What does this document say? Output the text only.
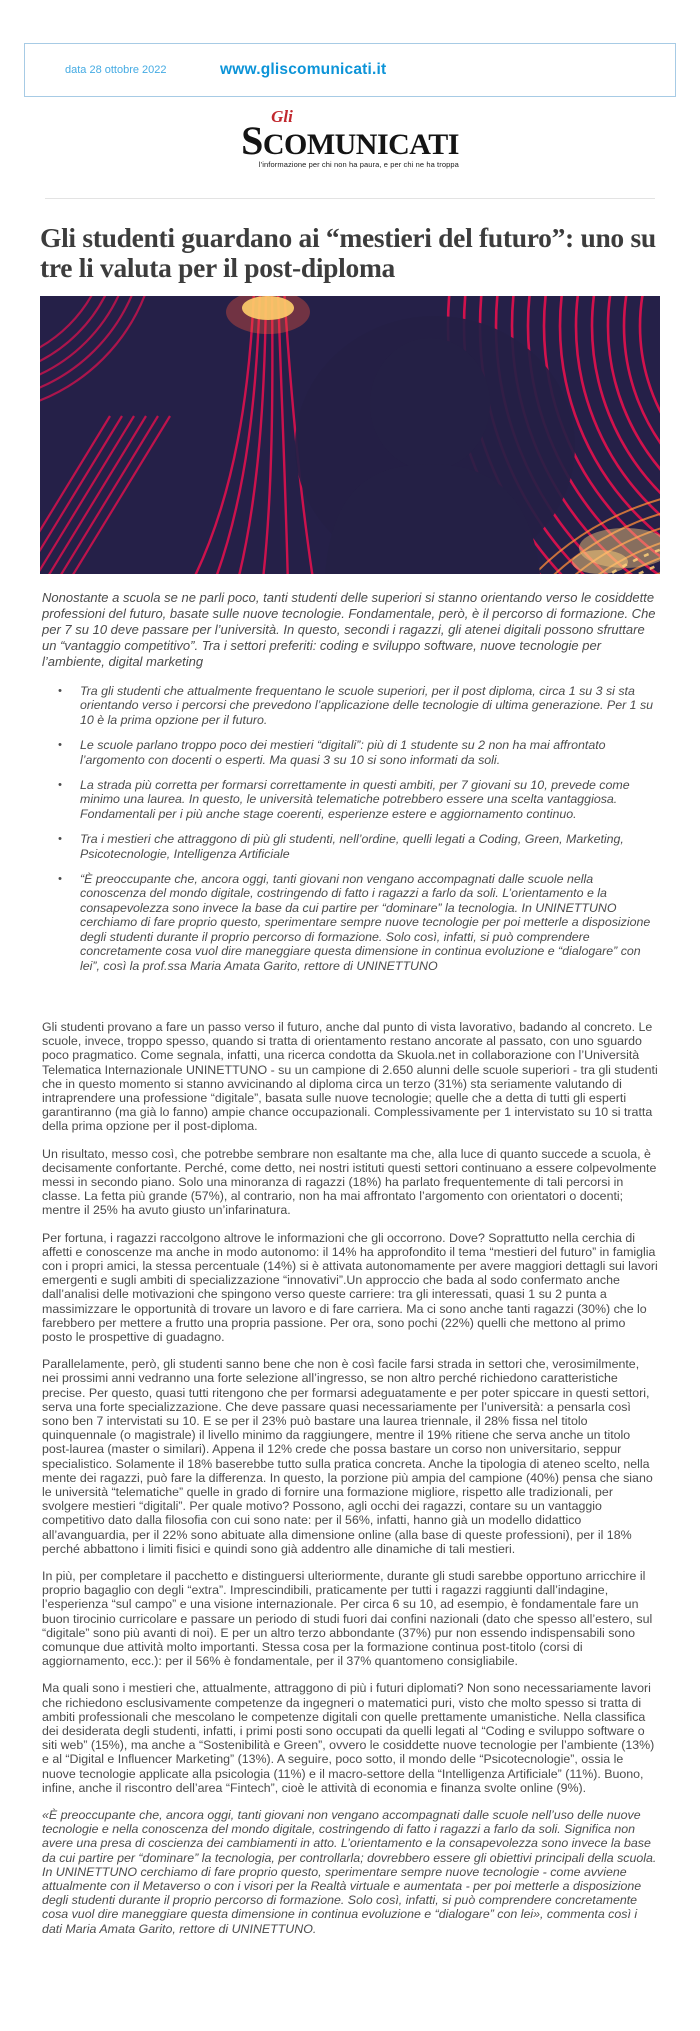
data 28 ottobre 2022	www.gliscomunicati.it
Gli
SCOMUNICATI
l’informazione per chi non ha paura, e per chi ne ha troppa
Gli studenti guardano ai “mestieri del futuro”: uno su tre li valuta per il post-diploma

Nonostante a scuola se ne parli poco, tanti studenti delle superiori si stanno orientando verso le cosiddette professioni del futuro, basate sulle nuove tecnologie. Fondamentale, però, è il percorso di formazione. Che per 7 su 10 deve passare per l’università. In questo, secondi i ragazzi, gli atenei digitali possono sfruttare un “vantaggio competitivo”. Tra i settori preferiti: coding e sviluppo software, nuove tecnologie per l’ambiente, digital marketing

• Tra gli studenti che attualmente frequentano le scuole superiori, per il post diploma, circa 1 su 3 si sta orientando verso i percorsi che prevedono l’applicazione delle tecnologie di ultima generazione. Per 1 su 10 è la prima opzione per il futuro.
• Le scuole parlano troppo poco dei mestieri “digitali”: più di 1 studente su 2 non ha mai affrontato l’argomento con docenti o esperti. Ma quasi 3 su 10 si sono informati da soli.
• La strada più corretta per formarsi correttamente in questi ambiti, per 7 giovani su 10, prevede come minimo una laurea. In questo, le università telematiche potrebbero essere una scelta vantaggiosa. Fondamentali per i più anche stage coerenti, esperienze estere e aggiornamento continuo.
• Tra i mestieri che attraggono di più gli studenti, nell’ordine, quelli legati a Coding, Green, Marketing, Psicotecnologie, Intelligenza Artificiale
• “È preoccupante che, ancora oggi, tanti giovani non vengano accompagnati dalle scuole nella conoscenza del mondo digitale, costringendo di fatto i ragazzi a farlo da soli. L’orientamento e la consapevolezza sono invece la base da cui partire per “dominare” la tecnologia. In UNINETTUNO cerchiamo di fare proprio questo, sperimentare sempre nuove tecnologie per poi metterle a disposizione degli studenti durante il proprio percorso di formazione. Solo così, infatti, si può comprendere concretamente cosa vuol dire maneggiare questa dimensione in continua evoluzione e “dialogare” con lei”, così la prof.ssa Maria Amata Garito, rettore di UNINETTUNO

Gli studenti provano a fare un passo verso il futuro, anche dal punto di vista lavorativo, badando al concreto. Le scuole, invece, troppo spesso, quando si tratta di orientamento restano ancorate al passato, con uno sguardo poco pragmatico. Come segnala, infatti, una ricerca condotta da Skuola.net in collaborazione con l’Università Telematica Internazionale UNINETTUNO - su un campione di 2.650 alunni delle scuole superiori - tra gli studenti che in questo momento si stanno avvicinando al diploma circa un terzo (31%) sta seriamente valutando di intraprendere una professione “digitale”, basata sulle nuove tecnologie; quelle che a detta di tutti gli esperti garantiranno (ma già lo fanno) ampie chance occupazionali. Complessivamente per 1 intervistato su 10 si tratta della prima opzione per il post-diploma.

Un risultato, messo così, che potrebbe sembrare non esaltante ma che, alla luce di quanto succede a scuola, è decisamente confortante. Perché, come detto, nei nostri istituti questi settori continuano a essere colpevolmente messi in secondo piano. Solo una minoranza di ragazzi (18%) ha parlato frequentemente di tali percorsi in classe. La fetta più grande (57%), al contrario, non ha mai affrontato l’argomento con orientatori o docenti; mentre il 25% ha avuto giusto un’infarinatura.

Per fortuna, i ragazzi raccolgono altrove le informazioni che gli occorrono. Dove? Soprattutto nella cerchia di affetti e conoscenze ma anche in modo autonomo: il 14% ha approfondito il tema “mestieri del futuro” in famiglia con i propri amici, la stessa percentuale (14%) si è attivata autonomamente per avere maggiori dettagli sui lavori emergenti e sugli ambiti di specializzazione “innovativi”.Un approccio che bada al sodo confermato anche dall’analisi delle motivazioni che spingono verso queste carriere: tra gli interessati, quasi 1 su 2 punta a massimizzare le opportunità di trovare un lavoro e di fare carriera. Ma ci sono anche tanti ragazzi (30%) che lo farebbero per mettere a frutto una propria passione. Per ora, sono pochi (22%) quelli che mettono al primo posto le prospettive di guadagno.

Parallelamente, però, gli studenti sanno bene che non è così facile farsi strada in settori che, verosimilmente, nei prossimi anni vedranno una forte selezione all’ingresso, se non altro perché richiedono caratteristiche precise. Per questo, quasi tutti ritengono che per formarsi adeguatamente e per poter spiccare in questi settori, serva una forte specializzazione. Che deve passare quasi necessariamente per l’università: a pensarla così sono ben 7 intervistati su 10. E se per il 23% può bastare una laurea triennale, il 28% fissa nel titolo quinquennale (o magistrale) il livello minimo da raggiungere, mentre il 19% ritiene che serva anche un titolo post-laurea (master o similari). Appena il 12% crede che possa bastare un corso non universitario, seppur specialistico. Solamente il 18% baserebbe tutto sulla pratica concreta. Anche la tipologia di ateneo scelto, nella mente dei ragazzi, può fare la differenza. In questo, la porzione più ampia del campione (40%) pensa che siano le università “telematiche” quelle in grado di fornire una formazione migliore, rispetto alle tradizionali, per svolgere mestieri “digitali”. Per quale motivo? Possono, agli occhi dei ragazzi, contare su un vantaggio competitivo dato dalla filosofia con cui sono nate: per il 56%, infatti, hanno già un modello didattico all’avanguardia, per il 22% sono abituate alla dimensione online (alla base di queste professioni), per il 18% perché abbattono i limiti fisici e quindi sono già addentro alle dinamiche di tali mestieri.

In più, per completare il pacchetto e distinguersi ulteriormente, durante gli studi sarebbe opportuno arricchire il proprio bagaglio con degli “extra”. Imprescindibili, praticamente per tutti i ragazzi raggiunti dall’indagine, l’esperienza “sul campo” e una visione internazionale. Per circa 6 su 10, ad esempio, è fondamentale fare un buon tirocinio curricolare e passare un periodo di studi fuori dai confini nazionali (dato che spesso all’estero, sul “digitale” sono più avanti di noi). E per un altro terzo abbondante (37%) pur non essendo indispensabili sono comunque due attività molto importanti. Stessa cosa per la formazione continua post-titolo (corsi di aggiornamento, ecc.): per il 56% è fondamentale, per il 37% quantomeno consigliabile.

Ma quali sono i mestieri che, attualmente, attraggono di più i futuri diplomati? Non sono necessariamente lavori che richiedono esclusivamente competenze da ingegneri o matematici puri, visto che molto spesso si tratta di ambiti professionali che mescolano le competenze digitali con quelle prettamente umanistiche. Nella classifica dei desiderata degli studenti, infatti, i primi posti sono occupati da quelli legati al “Coding e sviluppo software o siti web” (15%), ma anche a “Sostenibilità e Green”, ovvero le cosiddette nuove tecnologie per l’ambiente (13%) e al “Digital e Influencer Marketing” (13%). A seguire, poco sotto, il mondo delle “Psicotecnologie”, ossia le nuove tecnologie applicate alla psicologia (11%) e il macro-settore della “Intelligenza Artificiale” (11%). Buono, infine, anche il riscontro dell’area “Fintech”, cioè le attività di economia e finanza svolte online (9%).

«È preoccupante che, ancora oggi, tanti giovani non vengano accompagnati dalle scuole nell’uso delle nuove tecnologie e nella conoscenza del mondo digitale, costringendo di fatto i ragazzi a farlo da soli. Significa non avere una presa di coscienza dei cambiamenti in atto. L’orientamento e la consapevolezza sono invece la base da cui partire per “dominare” la tecnologia, per controllarla; dovrebbero essere gli obiettivi principali della scuola. In UNINETTUNO cerchiamo di fare proprio questo, sperimentare sempre nuove tecnologie - come avviene attualmente con il Metaverso o con i visori per la Realtà virtuale e aumentata - per poi metterle a disposizione degli studenti durante il proprio percorso di formazione. Solo così, infatti, si può comprendere concretamente cosa vuol dire maneggiare questa dimensione in continua evoluzione e “dialogare” con lei», commenta così i dati Maria Amata Garito, rettore di UNINETTUNO.
